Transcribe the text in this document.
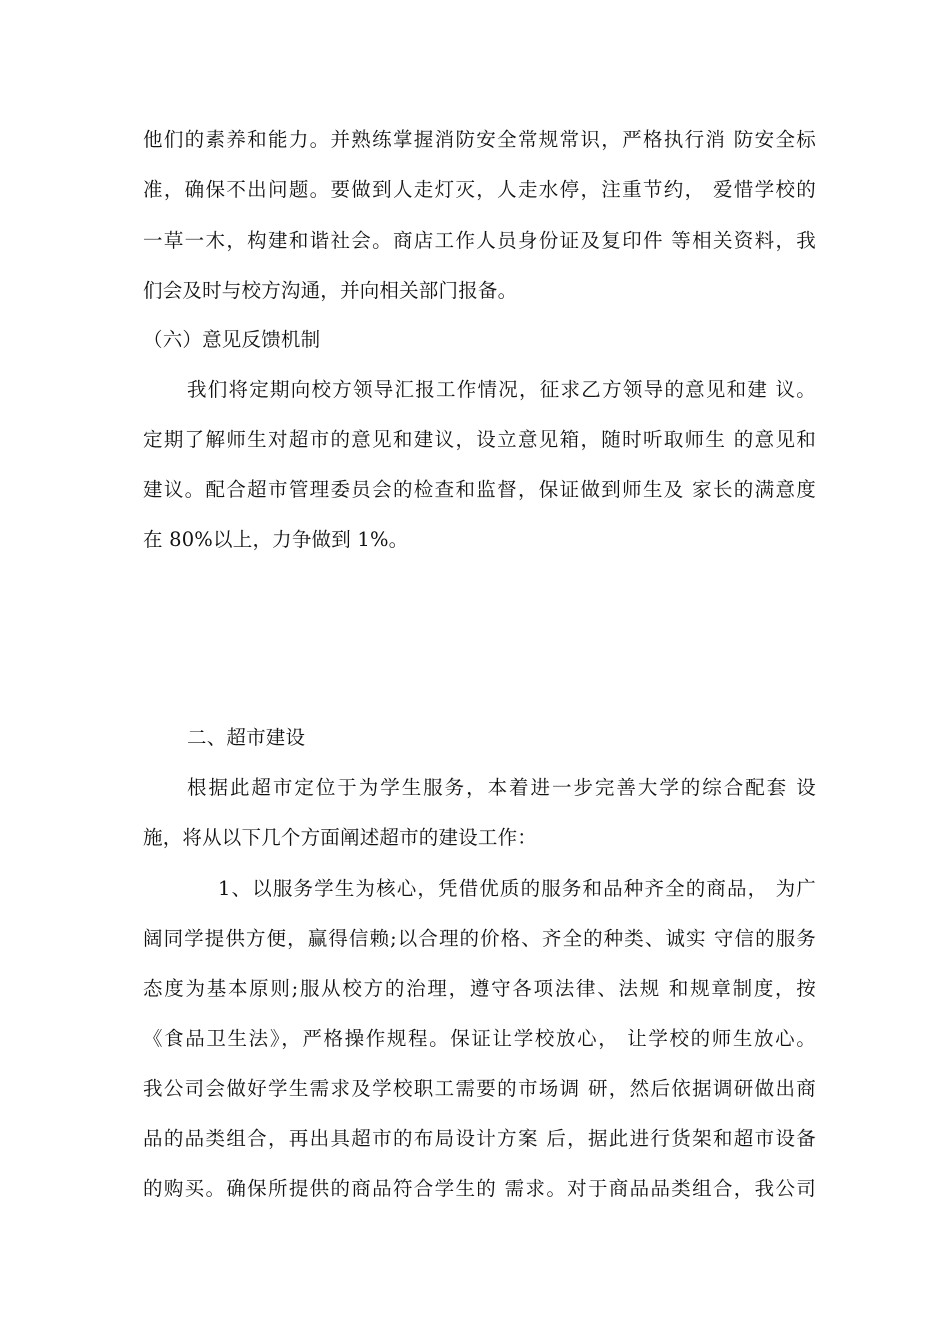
他们的素养和能力。并熟练掌握消防安全常规常识，严格执行消 防安全标
准，确保不出问题。要做到人走灯灭，人走水停，注重节约， 爱惜学校的
一草一木，构建和谐社会。商店工作人员身份证及复印件 等相关资料，我
们会及时与校方沟通，并向相关部门报备。
（六）意见反馈机制
我们将定期向校方领导汇报工作情况，征求乙方领导的意见和建 议。
定期了解师生对超市的意见和建议，设立意见箱，随时听取师生 的意见和
建议。配合超市管理委员会的检查和监督，保证做到师生及 家长的满意度
在 80%以上，力争做到 1%。
二、超市建设
根据此超市定位于为学生服务，本着进一步完善大学的综合配套 设
施，将从以下几个方面阐述超市的建设工作：
1、以服务学生为核心，凭借优质的服务和品种齐全的商品， 为广
阔同学提供方便，赢得信赖;以合理的价格、齐全的种类、诚实 守信的服务
态度为基本原则;服从校方的治理，遵守各项法律、法规 和规章制度，按
《食品卫生法》，严格操作规程。保证让学校放心， 让学校的师生放心。
我公司会做好学生需求及学校职工需要的市场调 研，然后依据调研做出商
品的品类组合，再出具超市的布局设计方案 后，据此进行货架和超市设备
的购买。确保所提供的商品符合学生的 需求。对于商品品类组合，我公司
